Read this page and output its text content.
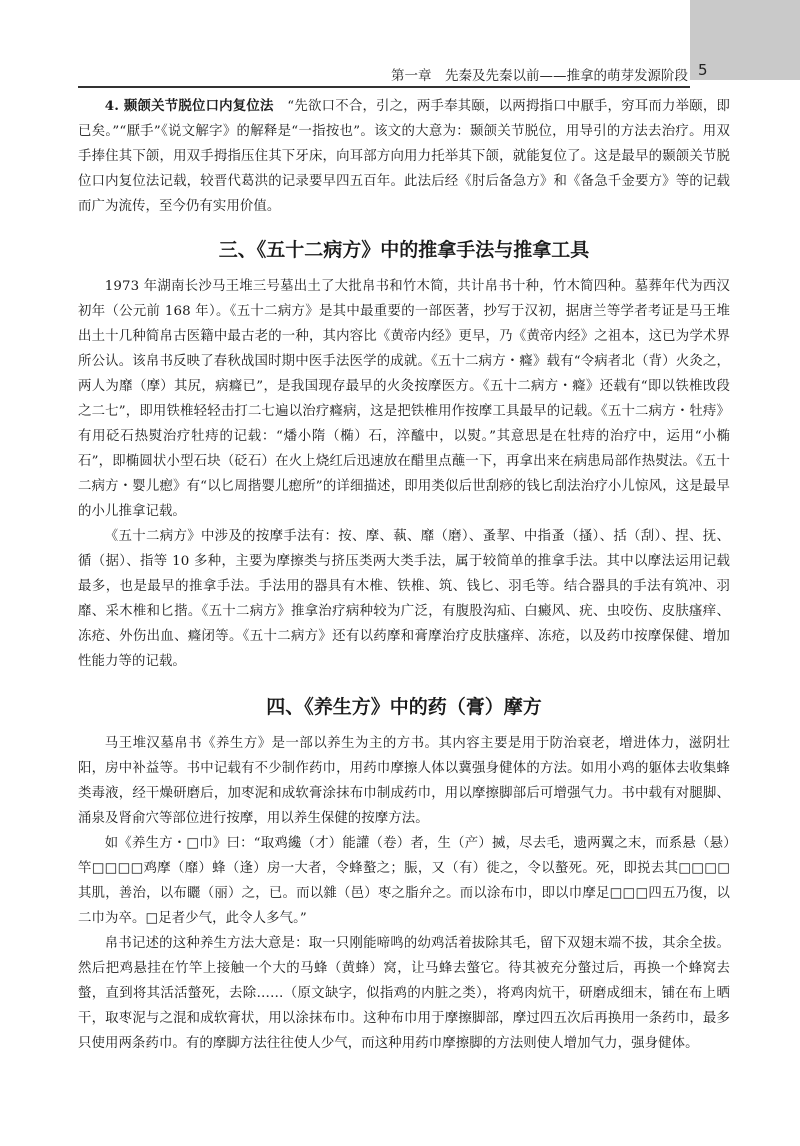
第一章　先秦及先秦以前——推拿的萌芽发源阶段 5

4. 颞颌关节脱位口内复位法　 “先欲口不合，引之，两手奉其颐，以两拇指口中厭手，穷耳而力举颐，即已矣。”“厭手”《说文解字》的解释是“一指按也”。该文的大意为：颞颌关节脱位，用导引的方法去治疗。用双手捧住其下颌，用双手拇指压住其下牙床，向耳部方向用力托举其下颌，就能复位了。这是最早的颞颌关节脱位口内复位法记载，较晋代葛洪的记录要早四五百年。此法后经《肘后备急方》和《备急千金要方》等的记载而广为流传，至今仍有实用价值。

三、《五十二病方》中的推拿手法与推拿工具

1973 年湖南长沙马王堆三号墓出土了大批帛书和竹木简，共计帛书十种，竹木简四种。墓葬年代为西汉初年（公元前 168 年）。《五十二病方》是其中最重要的一部医著，抄写于汉初，据唐兰等学者考证是马王堆出土十几种简帛古医籍中最古老的一种，其内容比《黄帝内经》更早，乃《黄帝内经》之祖本，这已为学术界所公认。该帛书反映了春秋战国时期中医手法医学的成就。《五十二病方・癃》载有“令病者北（背）火灸之，两人为靡（摩）其尻，病癃已”，是我国现存最早的火灸按摩医方。《五十二病方・癃》还载有“即以铁椎攺段之二七”，即用铁椎轻轻击打二七遍以治疗癃病，这是把铁椎用作按摩工具最早的记载。《五十二病方・牡痔》有用砭石热熨治疗牡痔的记载：“燔小隋（椭）石，淬醯中，以熨。”其意思是在牡痔的治疗中，运用“小椭石”，即椭圆状小型石块（砭石）在火上烧红后迅速放在醋里点蘸一下，再拿出来在病患局部作热熨法。《五十二病方・婴儿瘛》有“以匕周揩婴儿瘛所”的详细描述，即用类似后世刮痧的钱匕刮法治疗小儿惊风，这是最早的小儿推拿记载。

《五十二病方》中涉及的按摩手法有：按、摩、蓻、靡（磨）、蚤挈、中指蚤（搔）、括（刮）、捏、抚、循（据）、指等 10 多种，主要为摩擦类与挤压类两大类手法，属于较简单的推拿手法。其中以摩法运用记载最多，也是最早的推拿手法。手法用的器具有木椎、铁椎、筑、钱匕、羽毛等。结合器具的手法有筑冲、羽靡、采木椎和匕揩。《五十二病方》推拿治疗病种较为广泛，有腹股沟疝、白癜风、疣、虫咬伤、皮肤瘙痒、冻疮、外伤出血、癃闭等。《五十二病方》还有以药摩和膏摩治疗皮肤瘙痒、冻疮，以及药巾按摩保健、增加性能力等的记载。

四、《养生方》中的药（膏）摩方

马王堆汉墓帛书《养生方》是一部以养生为主的方书。其内容主要是用于防治衰老，增进体力，滋阴壮阳，房中补益等。书中记载有不少制作药巾，用药巾摩擦人体以冀强身健体的方法。如用小鸡的躯体去收集蜂类毒液，经干燥研磨后，加枣泥和成软膏涂抹布巾制成药巾，用以摩擦脚部后可增强气力。书中载有对腿脚、涌泉及肾俞穴等部位进行按摩，用以养生保健的按摩方法。

如《养生方・□巾》曰：“取鸡纔（才）能讙（卷）者，生（产）搣，尽去毛，遗两翼之末，而系悬（悬）竿□□□□鸡摩（靡）蜂（逢）房一大者，令蜂螯之；脤，又（有）徙之，令以螯死。死，即捝去其□□□□其肌，善治，以布矖（丽）之，已。而以雜（邑）枣之脂弁之。而以涂布巾，即以巾摩足□□□四五乃復，以二巾为卒。□足者少气，此令人多气。”

帛书记述的这种养生方法大意是：取一只刚能啼鸣的幼鸡活着拔除其毛，留下双翅末端不拔，其余全拔。然后把鸡悬挂在竹竿上接触一个大的马蜂（黄蜂）窝，让马蜂去螫它。待其被充分螫过后，再换一个蜂窝去螫，直到将其活活螫死，去除……（原文缺字，似指鸡的内脏之类），将鸡肉炕干，研磨成细末，铺在布上晒干，取枣泥与之混和成软膏状，用以涂抹布巾。这种布巾用于摩擦脚部，摩过四五次后再换用一条药巾，最多只使用两条药巾。有的摩脚方法往往使人少气，而这种用药巾摩擦脚的方法则使人增加气力，强身健体。
